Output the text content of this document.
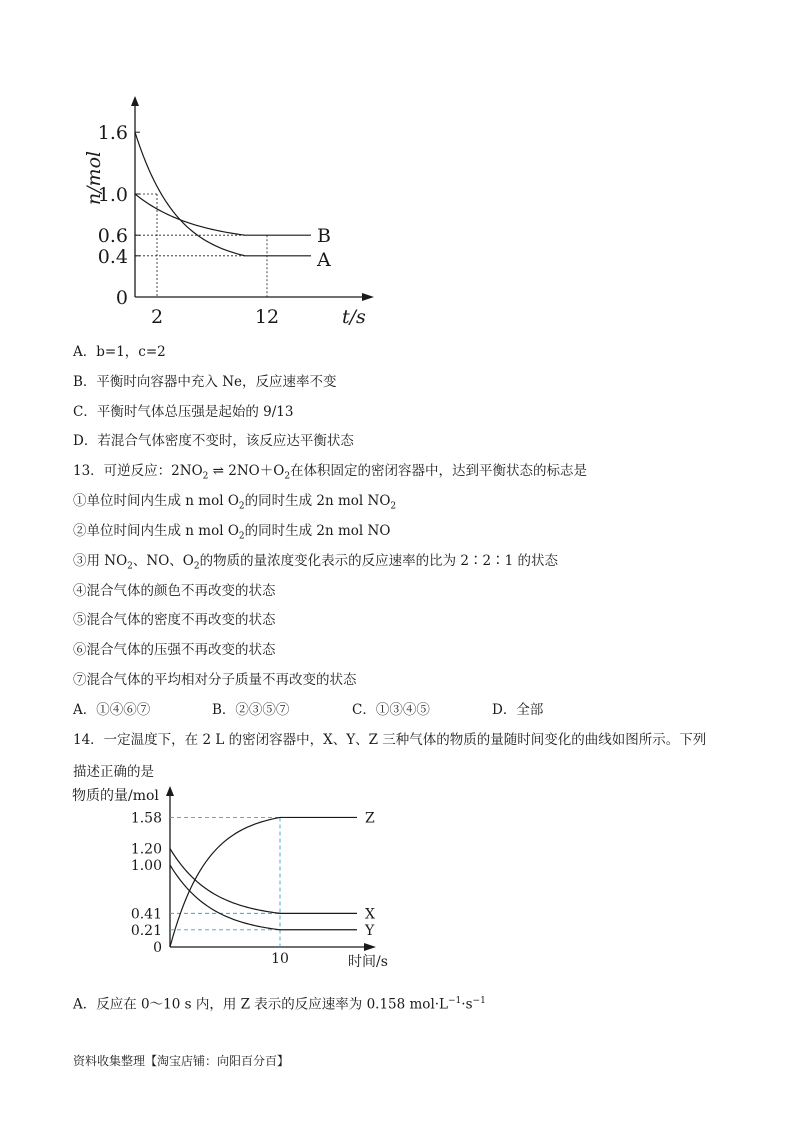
1.6
1.0
0.6
0.4
0
2	12
n/mol
t/s
B
A
A．b=1，c=2
B．平衡时向容器中充入 Ne，反应速率不变
C．平衡时气体总压强是起始的 9/13
D．若混合气体密度不变时，该反应达平衡状态
13．可逆反应：$2NO_2$ ⇌ $2NO+O_2$在体积固定的密闭容器中，达到平衡状态的标志是
①单位时间内生成 n mol $O_2$的同时生成 2n mol $NO_2$
②单位时间内生成 n mol $O_2$的同时生成 2n mol NO
③用 $NO_2$、NO、$O_2$的物质的量浓度变化表示的反应速率的比为 2∶2∶1 的状态
④混合气体的颜色不再改变的状态
⑤混合气体的密度不再改变的状态
⑥混合气体的压强不再改变的状态
⑦混合气体的平均相对分子质量不再改变的状态
A．①④⑥⑦	B．②③⑤⑦	C．①③④⑤	D．全部
14．一定温度下，在 2 L 的密闭容器中，X、Y、Z 三种气体的物质的量随时间变化的曲线如图所示。下列
描述正确的是
1.58
1.20
1.00
0.41
0.21
0
10
物质的量/mol
时间/s
Z
X
Y
A．反应在 0～10 s 内，用 Z 表示的反应速率为 0.158 $mol\cdot L^{-1}\cdot s^{-1}$
资料收集整理【淘宝店铺：向阳百分百】
